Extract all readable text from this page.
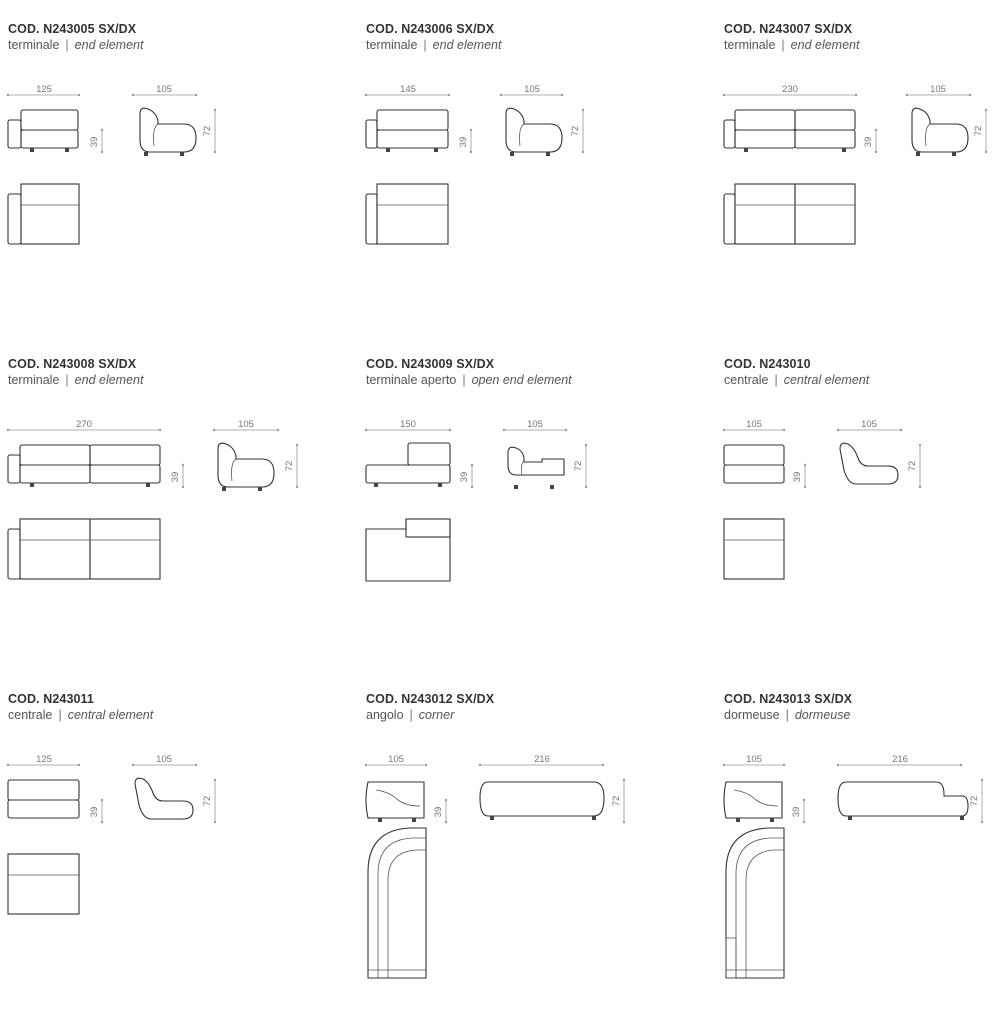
COD. N243005 SX/DX
terminale | end element
125
39
105
72
COD. N243006 SX/DX
terminale | end element
145
39
105
72
COD. N243007 SX/DX
terminale | end element
230
39
105
72
COD. N243008 SX/DX
terminale | end element
270
39
105
72
COD. N243009 SX/DX
terminale aperto | open end element
150
39
105
72
COD. N243010
centrale | central element
105
39
105
72
COD. N243011
centrale | central element
125
39
105
72
COD. N243012 SX/DX
angolo | corner
105
39
216
72
COD. N243013 SX/DX
dormeuse | dormeuse
105
39
216
72
